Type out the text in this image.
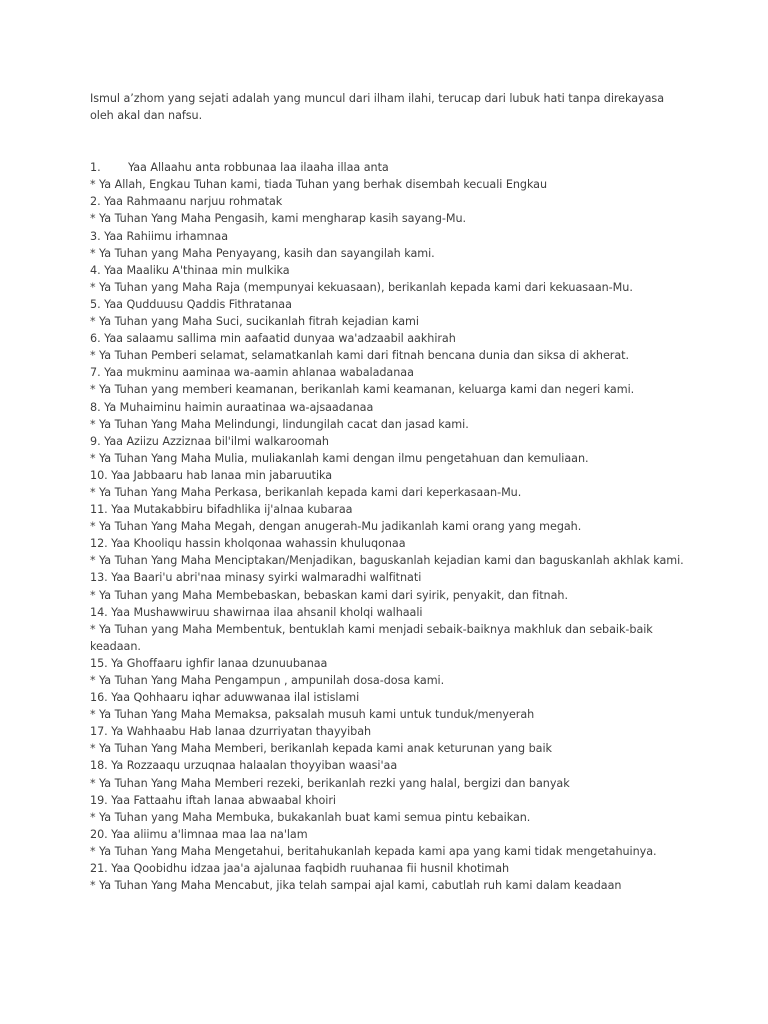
Ismul a’zhom yang sejati adalah yang muncul dari ilham ilahi, terucap dari lubuk hati tanpa direkayasa oleh akal dan nafsu.
1. Yaa Allaahu anta robbunaa laa ilaaha illaa anta
* Ya Allah, Engkau Tuhan kami, tiada Tuhan yang berhak disembah kecuali Engkau
2. Yaa Rahmaanu narjuu rohmatak
* Ya Tuhan Yang Maha Pengasih, kami mengharap kasih sayang-Mu.
3. Yaa Rahiimu irhamnaa
* Ya Tuhan yang Maha Penyayang, kasih dan sayangilah kami.
4. Yaa Maaliku A'thinaa min mulkika
* Ya Tuhan yang Maha Raja (mempunyai kekuasaan), berikanlah kepada kami dari kekuasaan-Mu.
5. Yaa Qudduusu Qaddis Fithratanaa
* Ya Tuhan yang Maha Suci, sucikanlah fitrah kejadian kami
6. Yaa salaamu sallima min aafaatid dunyaa wa'adzaabil aakhirah
* Ya Tuhan Pemberi selamat, selamatkanlah kami dari fitnah bencana dunia dan siksa di akherat.
7. Yaa mukminu aaminaa wa-aamin ahlanaa wabaladanaa
* Ya Tuhan yang memberi keamanan, berikanlah kami keamanan, keluarga kami dan negeri kami.
8. Ya Muhaiminu haimin auraatinaa wa-ajsaadanaa
* Ya Tuhan Yang Maha Melindungi, lindungilah cacat dan jasad kami.
9. Yaa Aziizu Azziznaa bil'ilmi walkaroomah
* Ya Tuhan Yang Maha Mulia, muliakanlah kami dengan ilmu pengetahuan dan kemuliaan.
10. Yaa Jabbaaru hab lanaa min jabaruutika
* Ya Tuhan Yang Maha Perkasa, berikanlah kepada kami dari keperkasaan-Mu.
11. Yaa Mutakabbiru bifadhlika ij'alnaa kubaraa
* Ya Tuhan Yang Maha Megah, dengan anugerah-Mu jadikanlah kami orang yang megah.
12. Yaa Khooliqu hassin kholqonaa wahassin khuluqonaa
* Ya Tuhan Yang Maha Menciptakan/Menjadikan, baguskanlah kejadian kami dan baguskanlah akhlak kami.
13. Yaa Baari'u abri'naa minasy syirki walmaradhi walfitnati
* Ya Tuhan yang Maha Membebaskan, bebaskan kami dari syirik, penyakit, dan fitnah.
14. Yaa Mushawwiruu shawirnaa ilaa ahsanil kholqi walhaali
* Ya Tuhan yang Maha Membentuk, bentuklah kami menjadi sebaik-baiknya makhluk dan sebaik-baik keadaan.
15. Ya Ghoffaaru ighfir lanaa dzunuubanaa
* Ya Tuhan Yang Maha Pengampun , ampunilah dosa-dosa kami.
16. Yaa Qohhaaru iqhar aduwwanaa ilal istislami
* Ya Tuhan Yang Maha Memaksa, paksalah musuh kami untuk tunduk/menyerah
17. Ya Wahhaabu Hab lanaa dzurriyatan thayyibah
* Ya Tuhan Yang Maha Memberi, berikanlah kepada kami anak keturunan yang baik
18. Ya Rozzaaqu urzuqnaa halaalan thoyyiban waasi'aa
* Ya Tuhan Yang Maha Memberi rezeki, berikanlah rezki yang halal, bergizi dan banyak
19. Yaa Fattaahu iftah lanaa abwaabal khoiri
* Ya Tuhan yang Maha Membuka, bukakanlah buat kami semua pintu kebaikan.
20. Yaa aliimu a'limnaa maa laa na'lam
* Ya Tuhan Yang Maha Mengetahui, beritahukanlah kepada kami apa yang kami tidak mengetahuinya.
21. Yaa Qoobidhu idzaa jaa'a ajalunaa faqbidh ruuhanaa fii husnil khotimah
* Ya Tuhan Yang Maha Mencabut, jika telah sampai ajal kami, cabutlah ruh kami dalam keadaan
